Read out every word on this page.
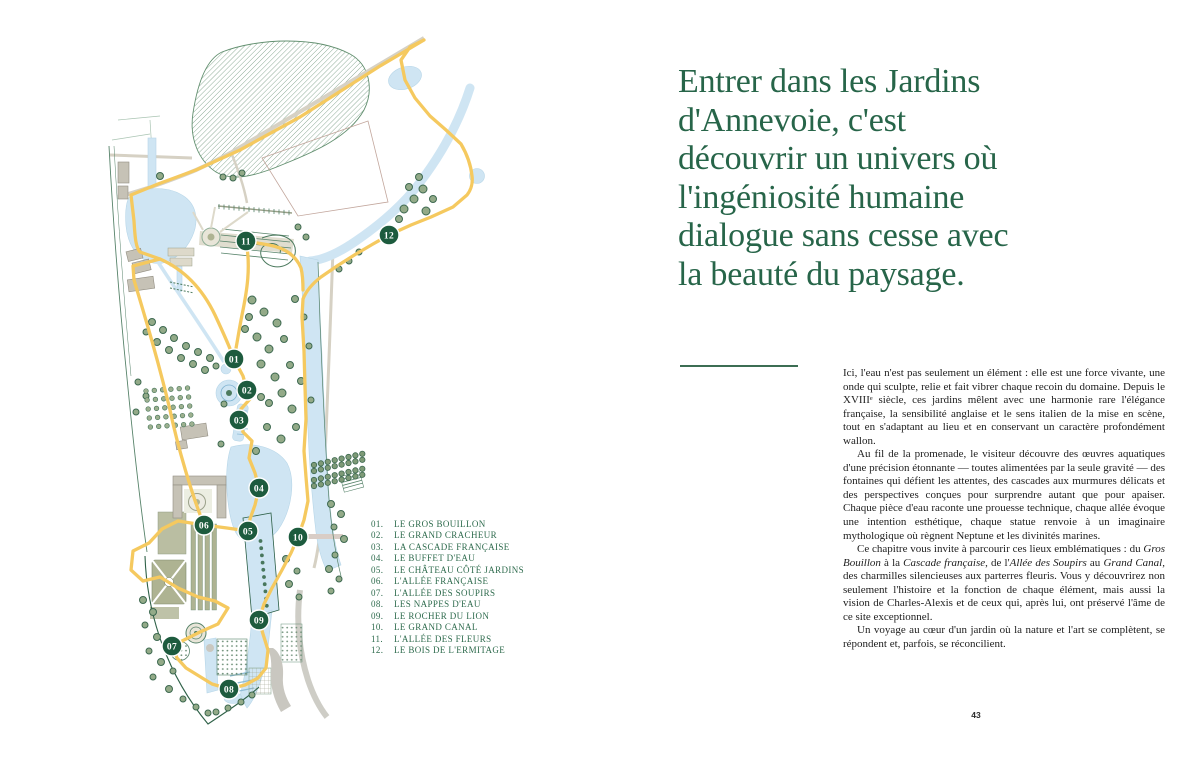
01
02
03
04
05
06
07
08
09
10
11
12
01.	LE GROS BOUILLON
02.	LE GRAND CRACHEUR
03.	LA CASCADE FRANÇAISE
04.	LE BUFFET D'EAU
05.	LE CHÂTEAU CÔTÉ JARDINS
06.	L'ALLÉE FRANÇAISE
07.	L'ALLÉE DES SOUPIRS
08.	LES NAPPES D'EAU
09.	LE ROCHER DU LION
10.	LE GRAND CANAL
11.	L'ALLÉE DES FLEURS
12.	LE BOIS DE L'ERMITAGE
Entrer dans les Jardins
d'Annevoie, c'est
découvrir un univers où
l'ingéniosité humaine
dialogue sans cesse avec
la beauté du paysage.

Ici, l'eau n'est pas seulement un élément : elle est une force vivante, une onde qui sculpte, relie et fait vibrer chaque recoin du domaine. Depuis le XVIIIᵉ siècle, ces jardins mêlent avec une harmonie rare l'élégance française, la sensibilité anglaise et le sens italien de la mise en scène, tout en s'adaptant au lieu et en conservant un caractère profondément wallon.

Au fil de la promenade, le visiteur découvre des œuvres aquatiques d'une précision étonnante — toutes alimentées par la seule gravité — des fontaines qui défient les attentes, des cascades aux murmures délicats et des perspectives conçues pour surprendre autant que pour apaiser. Chaque pièce d'eau raconte une prouesse technique, chaque allée évoque une intention esthétique, chaque statue renvoie à un imaginaire mythologique où règnent Neptune et les divinités marines.

Ce chapitre vous invite à parcourir ces lieux emblématiques : du Gros Bouillon à la Cascade française, de l'Allée des Soupirs au Grand Canal, des charmilles silencieuses aux parterres fleuris. Vous y découvrirez non seulement l'histoire et la fonction de chaque élément, mais aussi la vision de Charles-Alexis et de ceux qui, après lui, ont préservé l'âme de ce site exceptionnel.

Un voyage au cœur d'un jardin où la nature et l'art se complètent, se répondent et, parfois, se réconcilient.

43
